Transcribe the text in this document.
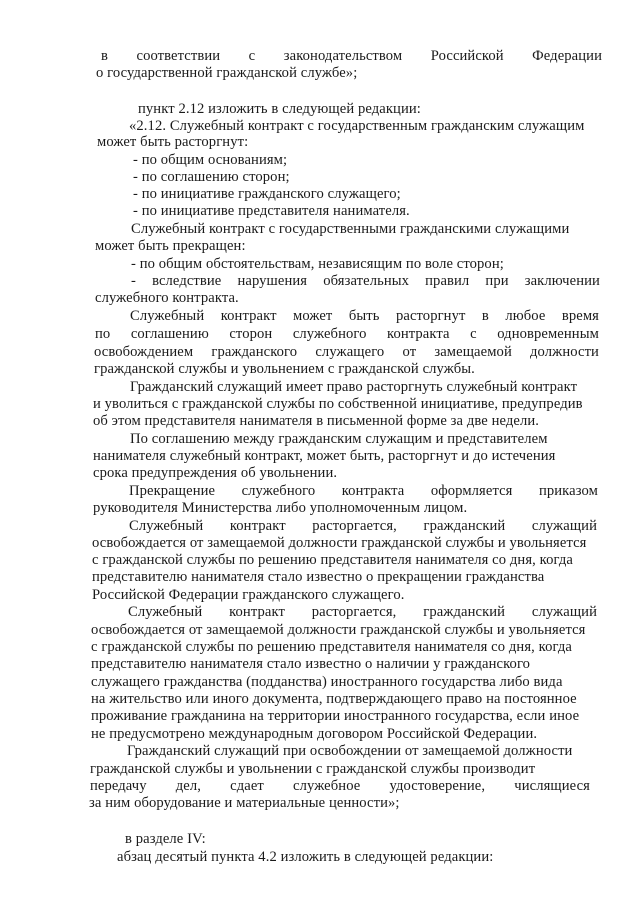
в соответствии с законодательством Российской Федерации
о государственной гражданской службе»;
пункт 2.12 изложить в следующей редакции:
«2.12. Служебный контракт с государственным гражданским служащим
может быть расторгнут:
- по общим основаниям;
- по соглашению сторон;
- по инициативе гражданского служащего;
- по инициативе представителя нанимателя.
Служебный контракт с государственными гражданскими служащими
может быть прекращен:
- по общим обстоятельствам, независящим по воле сторон;
- вследствие нарушения обязательных правил при заключении
служебного контракта.
Служебный контракт может быть расторгнут в любое время
по соглашению сторон служебного контракта с одновременным
освобождением гражданского служащего от замещаемой должности
гражданской службы и увольнением с гражданской службы.
Гражданский служащий имеет право расторгнуть служебный контракт
и уволиться с гражданской службы по собственной инициативе, предупредив
об этом представителя нанимателя в письменной форме за две недели.
По соглашению между гражданским служащим и представителем
нанимателя служебный контракт, может быть, расторгнут и до истечения
срока предупреждения об увольнении.
Прекращение служебного контракта оформляется приказом
руководителя Министерства либо уполномоченным лицом.
Служебный контракт расторгается, гражданский служащий
освобождается от замещаемой должности гражданской службы и увольняется
с гражданской службы по решению представителя нанимателя со дня, когда
представителю нанимателя стало известно о прекращении гражданства
Российской Федерации гражданского служащего.
Служебный контракт расторгается, гражданский служащий
освобождается от замещаемой должности гражданской службы и увольняется
с гражданской службы по решению представителя нанимателя со дня, когда
представителю нанимателя стало известно о наличии у гражданского
служащего гражданства (подданства) иностранного государства либо вида
на жительство или иного документа, подтверждающего право на постоянное
проживание гражданина на территории иностранного государства, если иное
не предусмотрено международным договором Российской Федерации.
Гражданский служащий при освобождении от замещаемой должности
гражданской службы и увольнении с гражданской службы производит
передачу дел, сдает служебное удостоверение, числящиеся
за ним оборудование и материальные ценности»;
в разделе IV:
абзац десятый пункта 4.2 изложить в следующей редакции:
